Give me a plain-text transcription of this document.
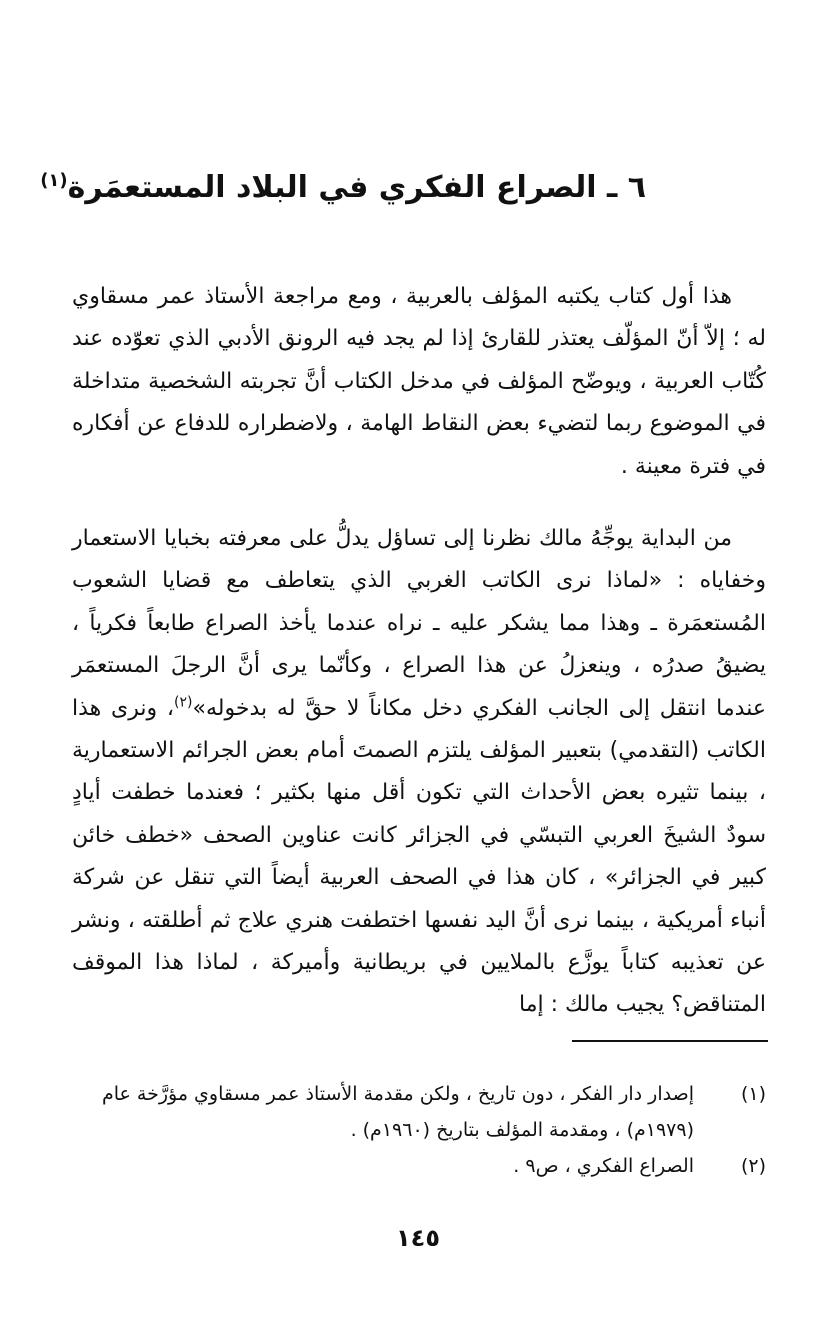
٦ ـ الصراع الفكري في البلاد المستعمَرة$^{(١)}$

هذا أول كتاب يكتبه المؤلف بالعربية ، ومع مراجعة الأستاذ عمر مسقاوي له ؛ إلاّ أنّ المؤلّف يعتذر للقارئ إذا لم يجد فيه الرونق الأدبي الذي تعوّده عند كُتّاب العربية ، ويوضّح المؤلف في مدخل الكتاب أنَّ تجربته الشخصية متداخلة في الموضوع ربما لتضيء بعض النقاط الهامة ، ولاضطراره للدفاع عن أفكاره في فترة معينة .

من البداية يوجِّهُ مالك نظرنا إلى تساؤل يدلُّ على معرفته بخبايا الاستعمار وخفاياه : «لماذا نرى الكاتب الغربي الذي يتعاطف مع قضايا الشعوب المُستعمَرة ـ وهذا مما يشكر عليه ـ نراه عندما يأخذ الصراع طابعاً فكرياً ، يضيقُ صدرُه ، وينعزلُ عن هذا الصراع ، وكأنّما يرى أنَّ الرجلَ المستعمَر عندما انتقل إلى الجانب الفكري دخل مكاناً لا حقَّ له بدخوله»$^{(٢)}$، ونرى هذا الكاتب (التقدمي) بتعبير المؤلف يلتزم الصمتَ أمام بعض الجرائم الاستعمارية ، بينما تثيره بعض الأحداث التي تكون أقل منها بكثير ؛ فعندما خطفت أيادٍ سودٌ الشيخَ العربي التبسّي في الجزائر كانت عناوين الصحف «خطف خائن كبير في الجزائر» ، كان هذا في الصحف العربية أيضاً التي تنقل عن شركة أنباء أمريكية ، بينما نرى أنَّ اليد نفسها اختطفت هنري علاج ثم أطلقته ، ونشر عن تعذيبه كتاباً يوزَّع بالملايين في بريطانية وأميركة ، لماذا هذا الموقف المتناقض؟ يجيب مالك : إما

(١)
إصدار دار الفكر ، دون تاريخ ، ولكن مقدمة الأستاذ عمر مسقاوي مؤرَّخة عام (١٩٧٩م) ، ومقدمة المؤلف بتاريخ (١٩٦٠م) .
(٢)
الصراع الفكري ، ص٩ .
١٤٥
